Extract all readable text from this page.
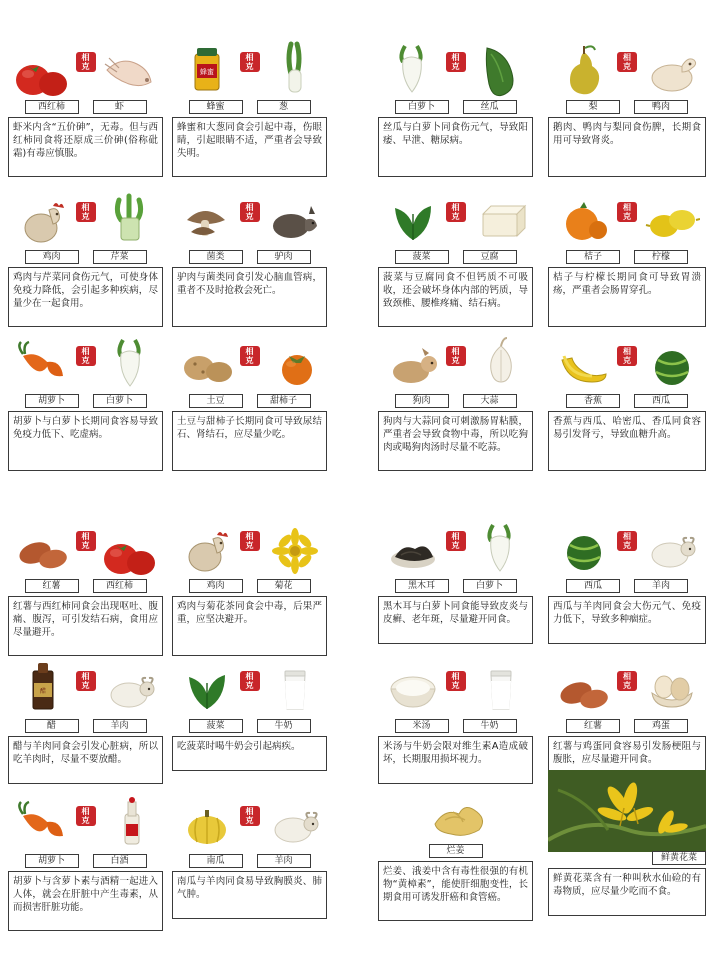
相
克
西红柿	虾
虾米内含“五价砷”，无毒。但与西红柿同食将还原成三价砷(俗称砒霜)有毒应慎服。
蜂蜜
相
克
蜂蜜	葱
蜂蜜和大葱同食会引起中毒，伤眼睛，引起眼睛不适，严重者会导致失明。
相
克
白萝卜	丝瓜
丝瓜与白萝卜同食伤元气，导致阳痿、早泄、糖尿病。
相
克
梨	鸭肉
鹅肉、鸭肉与梨同食伤脾，长期食用可导致肾炎。
相
克
鸡肉	芹菜
鸡肉与芹菜同食伤元气，可使身体免疫力降低，会引起多种疾病，尽量少在一起食用。
相
克
菌类	驴肉
驴肉与菌类同食引发心脑血管病，重者不及时抢救会死亡。
相
克
菠菜	豆腐
菠菜与豆腐同食不但钙质不可吸收，还会破坏身体内部的钙质，导致颈椎、腰椎疼痛、结石病。
相
克
桔子	柠檬
桔子与柠檬长期同食可导致胃溃疡，严重者会肠胃穿孔。
相
克
胡萝卜	白萝卜
胡萝卜与白萝卜长期同食容易导致免疫力低下、吃虚病。
相
克
土豆	甜柿子
土豆与甜柿子长期同食可导致尿结石、肾结石，应尽量少吃。
相
克
狗肉	大蒜
狗肉与大蒜同食可刺激肠胃粘膜，严重者会导致食物中毒，所以吃狗肉或喝狗肉汤时尽量不吃蒜。
相
克
香蕉	西瓜
香蕉与西瓜、哈密瓜、香瓜同食容易引发肾亏，导致血糖升高。
相
克
红薯	西红柿
红薯与西红柿同食会出现呕吐、腹痛、腹泻，可引发结石病，食用应尽量避开。
相
克
鸡肉	菊花
鸡肉与菊花茶同食会中毒，后果严重，应坚决避开。
相
克
黑木耳	白萝卜
黑木耳与白萝卜同食能导致皮炎与皮癣、老年斑，尽量避开同食。
相
克
西瓜	羊肉
西瓜与羊肉同食会大伤元气、免疫力低下，导致多种痼症。
醋
相
克
醋	羊肉
醋与羊肉同食会引发心脏病，所以吃羊肉时，尽量不要放醋。
相
克
菠菜	牛奶
吃菠菜时喝牛奶会引起病疾。
相
克
米汤	牛奶
米汤与牛奶会限对维生素A造成破坏，长期服用损坏视力。
相
克
红薯	鸡蛋
红薯与鸡蛋同食容易引发肠梗阻与腹胀，应尽量避开同食。
相
克
胡萝卜	白酒
胡萝卜与含萝卜素与酒精一起进入人体，就会在肝脏中产生毒素，从而损害肝脏功能。
相
克
南瓜	羊肉
南瓜与羊肉同食易导致胸膜炎、肺气肿。
烂姜
烂姜、涐姜中含有毒性很强的有机物“黄樟素”，能使肝细胞变性，长期食用可诱发肝癌和食管癌。
鲜黄花菜
鲜黄花菜含有一种叫秋水仙硷的有毒物质，应尽量少吃而不食。
